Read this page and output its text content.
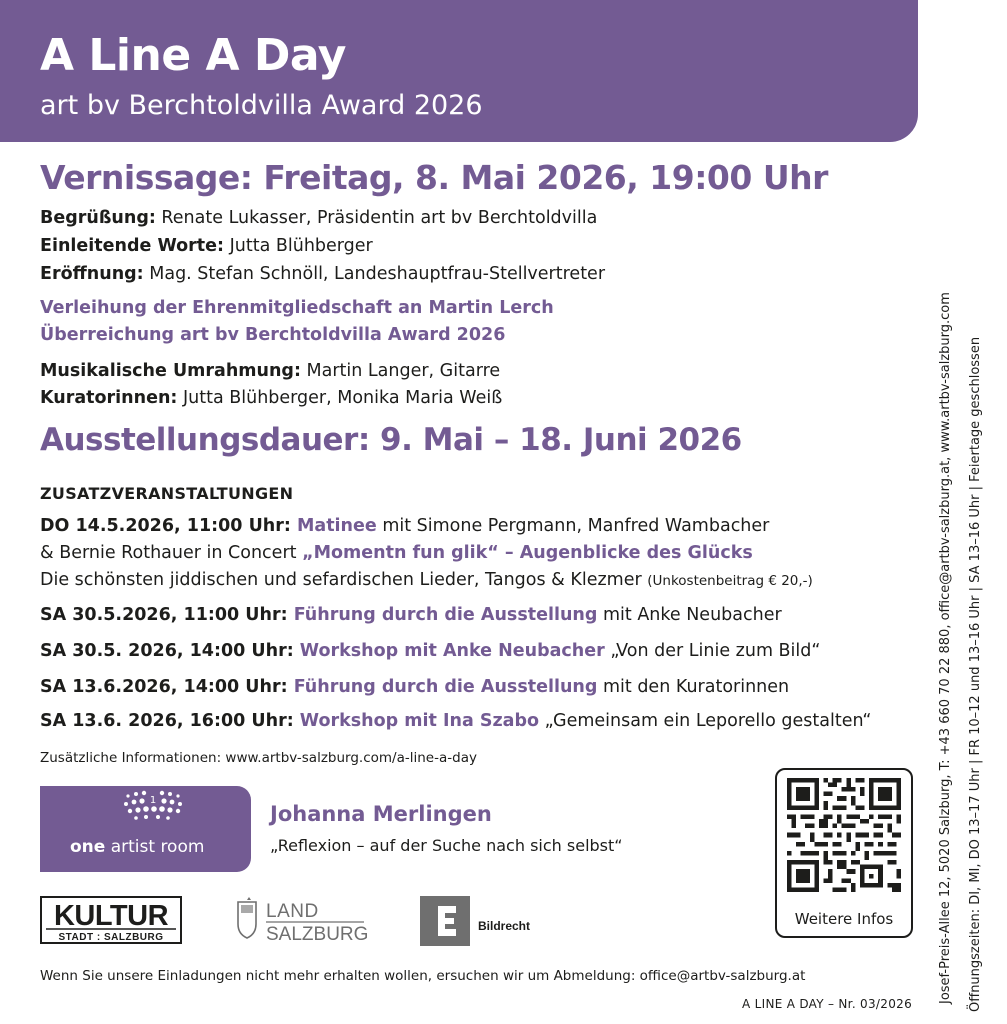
A Line A Day
art bv Berchtoldvilla Award 2026
Vernissage: Freitag, 8. Mai 2026, 19:00 Uhr
Begrüßung: Renate Lukasser, Präsidentin art bv Berchtoldvilla
Einleitende Worte: Jutta Blühberger
Eröffnung: Mag. Stefan Schnöll, Landeshauptfrau-Stellvertreter
Verleihung der Ehrenmitgliedschaft an Martin Lerch
Überreichung art bv Berchtoldvilla Award 2026
Musikalische Umrahmung: Martin Langer, Gitarre
Kuratorinnen: Jutta Blühberger, Monika Maria Weiß
Ausstellungsdauer: 9. Mai – 18. Juni 2026
ZUSATZVERANSTALTUNGEN
DO 14.5.2026, 11:00 Uhr: Matinee mit Simone Pergmann, Manfred Wambacher
& Bernie Rothauer in Concert „Momentn fun glik“ – Augenblicke des Glücks
Die schönsten jiddischen und sefardischen Lieder, Tangos & Klezmer (Unkostenbeitrag € 20,-)
SA 30.5.2026, 11:00 Uhr: Führung durch die Ausstellung mit Anke Neubacher
SA 30.5. 2026, 14:00 Uhr: Workshop mit Anke Neubacher „Von der Linie zum Bild“
SA 13.6.2026, 14:00 Uhr: Führung durch die Ausstellung mit den Kuratorinnen
SA 13.6. 2026, 16:00 Uhr: Workshop mit Ina Szabo „Gemeinsam ein Leporello gestalten“
Zusätzliche Informationen: www.artbv-salzburg.com/a-line-a-day
1
one artist room
Johanna Merlingen
„Reflexion – auf der Suche nach sich selbst“
Weitere Infos
KULTUR
STADT : SALZBURG
LAND
SALZBURG	Bildrecht
Wenn Sie unsere Einladungen nicht mehr erhalten wollen, ersuchen wir um Abmeldung: office@artbv-salzburg.at
A LINE A DAY – Nr. 03/2026 Josef-Preis-Allee 12, 5020 Salzburg, T: +43 660 70 22 880, office@artbv-salzburg.at, www.artbv-salzburg.com Öffnungszeiten: DI, MI, DO 13–17 Uhr | FR 10–12 und 13–16 Uhr | SA 13–16 Uhr | Feiertage geschlossen
